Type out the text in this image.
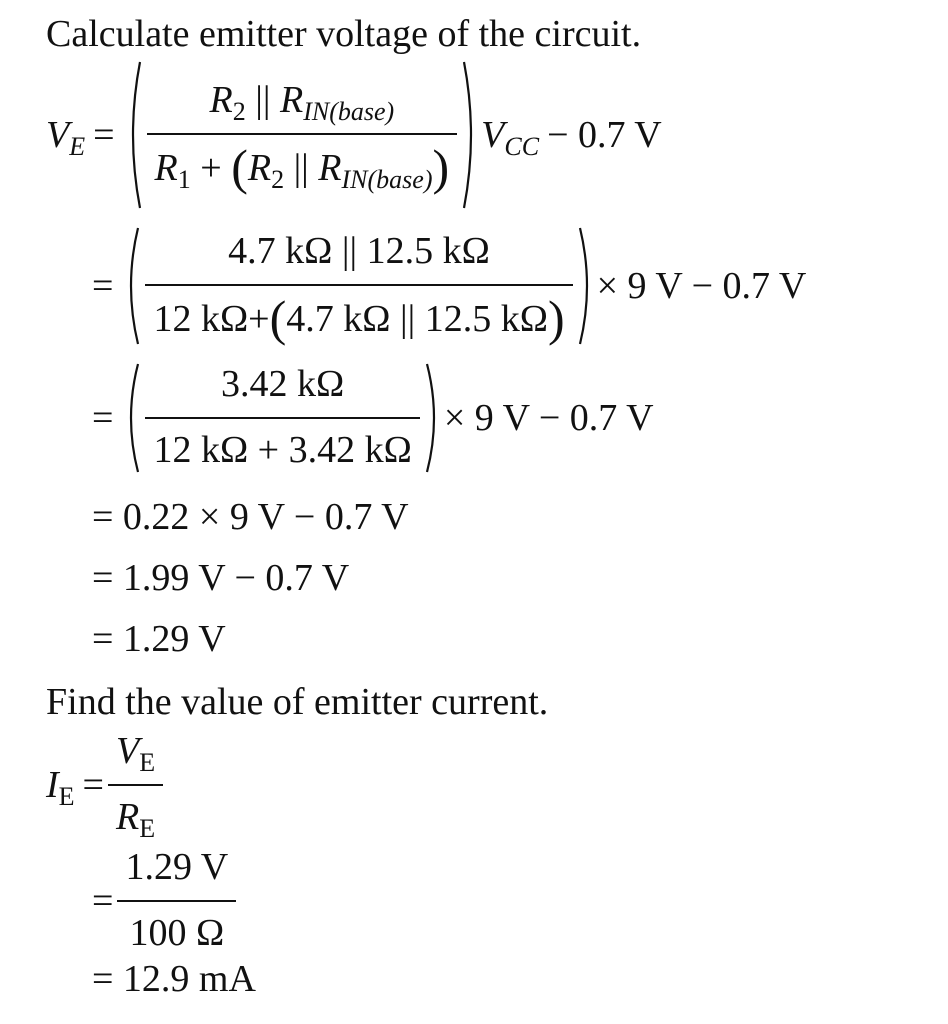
Calculate emitter voltage of the circuit.
$V_E = \frac{R_2 || R_{IN(base)}}{R_1 + (R_2 || R_{IN(base)})} V_{CC} - 0.7$ V
= $\frac{4.7 k\Omega || 12.5 k\Omega}{12 k\Omega+(4.7 k\Omega || 12.5 k\Omega)} \times 9$ V − 0.7 V
= $\frac{3.42 k\Omega}{12 k\Omega + 3.42 k\Omega} \times 9$ V − 0.7 V
= 0.22 × 9 V − 0.7 V
= 1.99 V − 0.7 V
= 1.29 V
Find the value of emitter current.
$I_E = \frac{V_E}{R_E}$
= $\frac{1.29 V}{100 \Omega}$
= 12.9 mA
